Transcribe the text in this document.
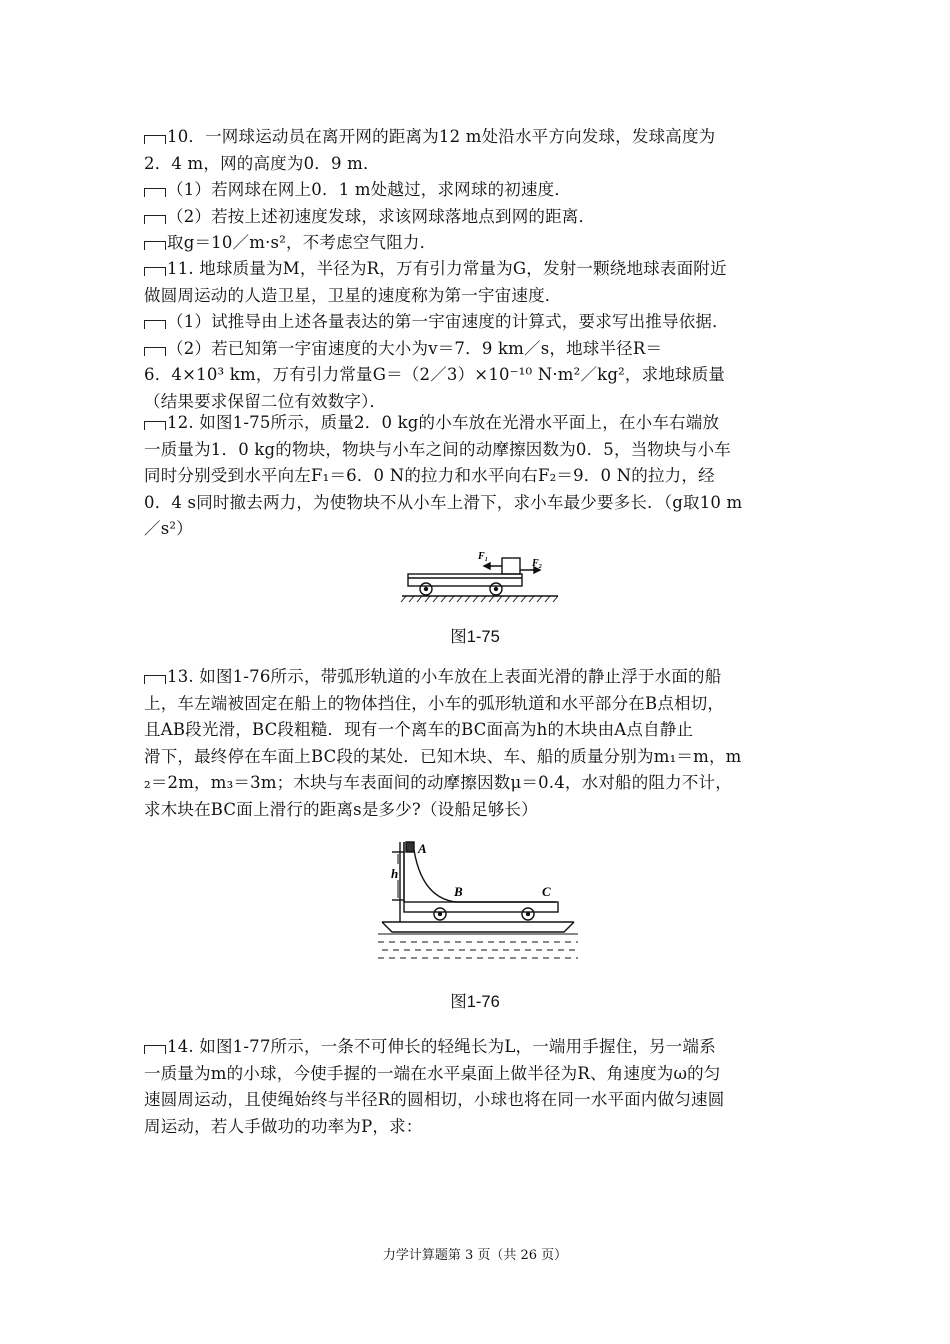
10．一网球运动员在离开网的距离为12 m处沿水平方向发球，发球高度为
2．4 m，网的高度为0．9 m．
（1）若网球在网上0．1 m处越过，求网球的初速度．
（2）若按上述初速度发球，求该网球落地点到网的距离．
取g＝10／m·s²，不考虑空气阻力．
11. 地球质量为M，半径为R，万有引力常量为G，发射一颗绕地球表面附近
做圆周运动的人造卫星，卫星的速度称为第一宇宙速度．
（1）试推导由上述各量表达的第一宇宙速度的计算式，要求写出推导依据．
（2）若已知第一宇宙速度的大小为v＝7．9 km／s，地球半径R＝
6．4×10³ km，万有引力常量G＝（2／3）×10⁻¹⁰ N·m²／kg²，求地球质量
（结果要求保留二位有效数字）．
12. 如图1-75所示，质量2．0 kg的小车放在光滑水平面上，在小车右端放
一质量为1．0 kg的物块，物块与小车之间的动摩擦因数为0．5，当物块与小车
同时分别受到水平向左F₁＝6．0 N的拉力和水平向右F₂＝9．0 N的拉力，经
0．4 s同时撤去两力，为使物块不从小车上滑下，求小车最少要多长．（g取10 m
／s²）
F₁
F₂
图1-75
13. 如图1-76所示，带弧形轨道的小车放在上表面光滑的静止浮于水面的船
上，车左端被固定在船上的物体挡住，小车的弧形轨道和水平部分在B点相切，
且AB段光滑，BC段粗糙．现有一个离车的BC面高为h的木块由A点自静止
滑下，最终停在车面上BC段的某处．已知木块、车、船的质量分别为m₁＝m，m
₂＝2m，m₃＝3m；木块与车表面间的动摩擦因数μ＝0.4，水对船的阻力不计，
求木块在BC面上滑行的距离s是多少?（设船足够长）
A
h
B	C
图1-76
14. 如图1-77所示，一条不可伸长的轻绳长为L，一端用手握住，另一端系
一质量为m的小球，今使手握的一端在水平桌面上做半径为R、角速度为ω的匀
速圆周运动，且使绳始终与半径R的圆相切，小球也将在同一水平面内做匀速圆
周运动，若人手做功的功率为P，求：
力学计算题第 3 页（共 26 页）
